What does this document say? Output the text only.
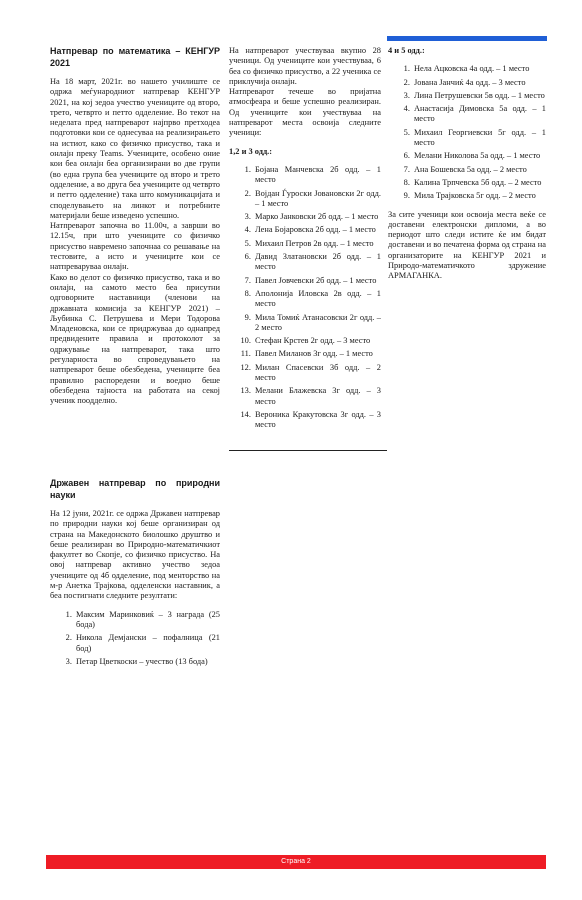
Натпревар по математика – КЕНГУР 2021

На 18 март, 2021г. во нашето училиште се одржа меѓународниот натпревар КЕНГУР 2021, на кој зедоа учество учениците од второ, трето, четврто и петто одделение. Во текот на неделата пред натпреварот најпрво претходеа подготовки кои се однесуваа на реализирањето на истиот, како со физичко присуство, така и онлајн преку Teams. Учениците, особено оние кои беа онлајн беа организирани во две групи (во една група беа учениците од второ и трето одделение, а во друга беа учениците од четврто и петто одделение) така што комуникацијата и споделувањето на линкот и потребните материјали беше изведено успешно.

Натпреварот започна во 11.00ч, а заврши во 12.15ч, при што учениците со физичко присуство навремено започнаа со решавање на тестовите, а исто и учениците кои се натпреваруваа онлајн.

Како во делот со физичко присуство, така и во онлајн, на самото место беа присутни одговорните наставници (членови на државната комисија за КЕНГУР 2021) – Љубинка С. Петрушева и Мери Тодорова Младеновска, кои се придржуваа до однапред предвидените правила и протоколот за одржување на натпреварот, така што регуларноста во спроведувањето на натпреварот беше обезбедена, учениците беа правилно распоредени и воедно беше обезбедена тајноста на работата на секој ученик поодделно.

На натпреварот учествуваа вкупно 28 ученици. Од учениците кои учествуваа, 6 беа со физичко присуство, а 22 ученика се приклучија онлајн.

Натпреварот течеше во пријатна атмосфеара и беше успешно реализиран. Од учениците кои учествуваа на натпреварот места освоија следните ученици:

1,2 и 3 одд.:

1. Бојана Манчевска 2б одд. – 1 место
2. Војдан Ѓуроски Јовановски 2г одд. – 1 место
3. Марко Јанковски 2б одд. – 1 место
4. Лена Бојаровска 2б одд. – 1 место
5. Михаил Петров 2в одд. – 1 место
6. Давид Златановски 2б одд. – 1 место
7. Павел Јовчевски 2б одд. – 1 место
8. Аполонија Иловска 2в одд. – 1 место
9. Мила Томиќ Атанасовски 2г одд. – 2 место
10. Стефан Крстев 2г одд. – 3 место
11. Павел Миланов 3г одд. – 1 место
12. Милан Спасевски 3б одд. – 2 место
13. Мелани Блажевска 3г одд. – 3 место
14. Вероника Кракутовска 3г одд. – 3 место

4 и 5 одд.:

1. Нела Ацковска 4а одд. – 1 место
2. Јована Јанчиќ 4а одд. – 3 место
3. Лина Петрушевски 5в одд. – 1 место
4. Анастасија Димовска 5а одд. – 1 место
5. Михаил Георгиевски 5г одд. – 1 место
6. Мелани Николова 5а одд. – 1 место
7. Ана Бошевска 5а одд. – 2 место
8. Калина Трпчевска 5б одд. – 2 место
9. Мила Трајковска 5г одд. – 2 место

За сите ученици кои освоија места веќе се доставени електронски дипломи, а во периодот што следи истите ќе им бидат доставени и во печатена форма од страна на организаторите на КЕНГУР 2021 и Природо-математичкото здружение АРМАГАНКА.

Државен натпревар по природни науки

На 12 јуни, 2021г. се одржа Државен натпревар по природни науки кој беше организиран од страна на Македонското биолошко друштво и беше реализиран во Природно-математичкиот факултет во Скопје, со физичко присуство. На овој натпревар активно учество зедоа учениците од 4б одделение, под менторство на м-р Анетка Трајкова, одделенски наставник, а беа постигнати следните резултати:

1. Максим Маринковиќ – 3 награда (25 бода)
2. Никола Демјански – пофалница (21 бод)
3. Петар Цветкоски – учество (13 бода)
Страна 2
